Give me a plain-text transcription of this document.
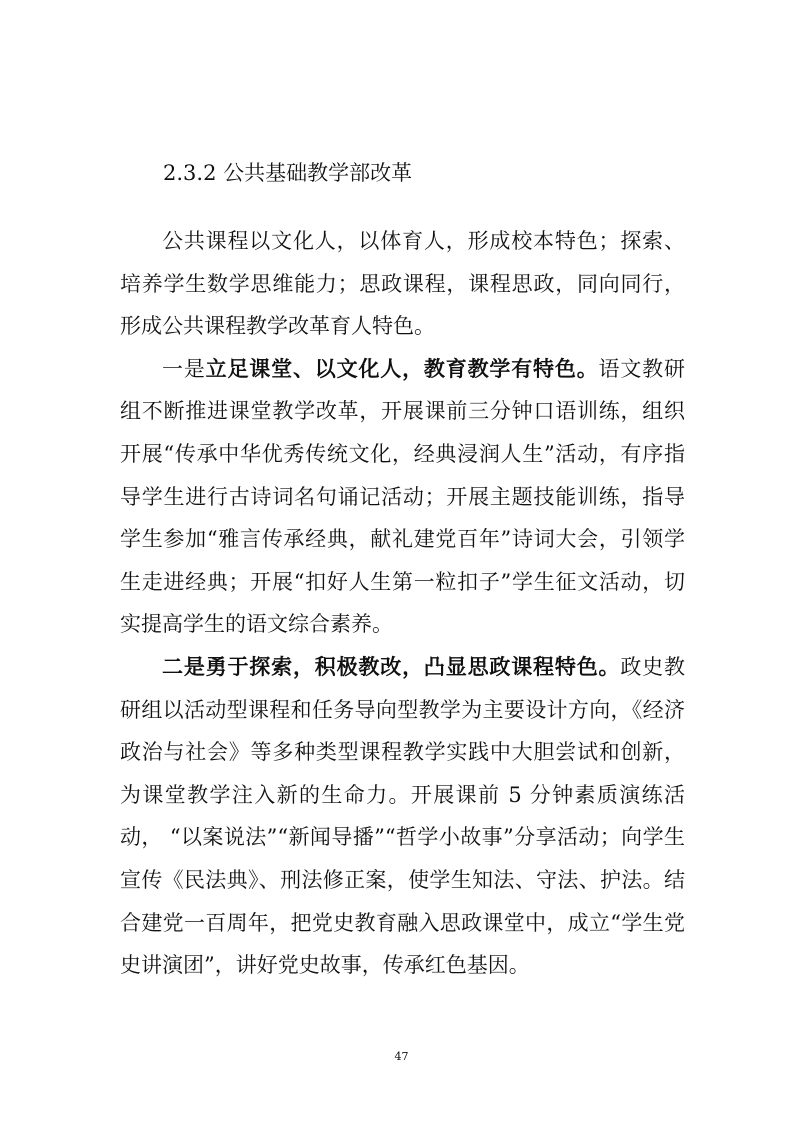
2.3.2 公共基础教学部改革

公共课程以文化人，以体育人，形成校本特色；探索、培养学生数学思维能力；思政课程，课程思政，同向同行，形成公共课程教学改革育人特色。

一是立足课堂、以文化人，教育教学有特色。语文教研组不断推进课堂教学改革，开展课前三分钟口语训练，组织开展“传承中华优秀传统文化，经典浸润人生”活动，有序指导学生进行古诗词名句诵记活动；开展主题技能训练，指导学生参加“雅言传承经典，献礼建党百年”诗词大会，引领学生走进经典；开展“扣好人生第一粒扣子”学生征文活动，切实提高学生的语文综合素养。

二是勇于探索，积极教改，凸显思政课程特色。政史教研组以活动型课程和任务导向型教学为主要设计方向，《经济政治与社会》等多种类型课程教学实践中大胆尝试和创新，为课堂教学注入新的生命力。开展课前 5 分钟素质演练活动， “以案说法”“新闻导播”“哲学小故事”分享活动；向学生宣传《民法典》、刑法修正案，使学生知法、守法、护法。结合建党一百周年，把党史教育融入思政课堂中，成立“学生党史讲演团”，讲好党史故事，传承红色基因。

47
